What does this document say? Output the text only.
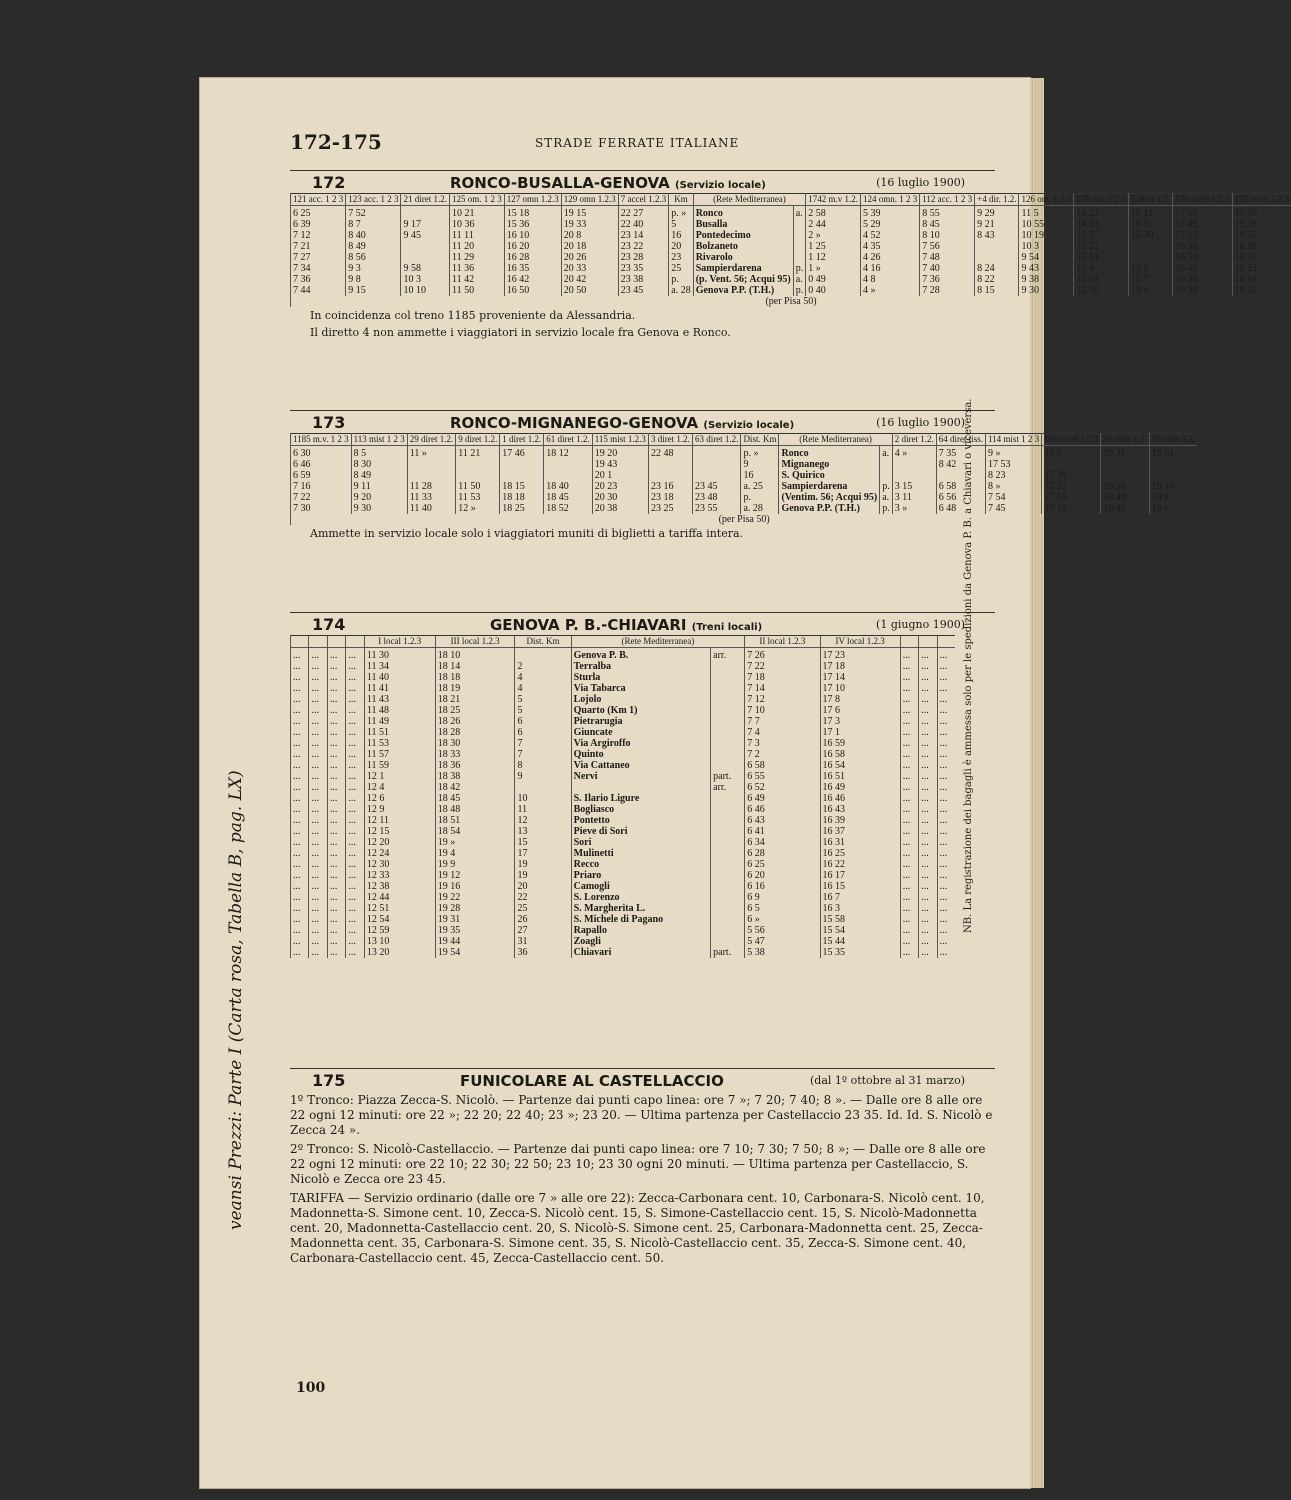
veansi Prezzi: Parte I (Carta rosa, Tabella B, pag. LX)
172-175	STRADE FERRATE ITALIANE
172	RONCO-BUSALLA-GENOVA (Servizio locale)	(16 luglio 1900)
121 acc. 1 2 3	123 acc. 1 2 3	21 diret 1.2.	125 om. 1 2 3	127 omn 1.2.3	129 omn 1.2.3	7 accel 1.2.3	Km	(Rete Mediterranea)		1742 m.v 1.2.	124 omn. 1 2 3	112 acc. 1 2 3	+4 dir. 1.2.	126 om. 1 2 3	128 om. 1 2 3	6 diret 1.2.	130 accel 1.2.3	132 accel 1.2.3
6 25	7 52		10 21	15 18	19 15	22 27	p. »	Ronco	a.	2 58	5 39	8 55	9 29	11 5	14 22	16 11	17 59	19 38
6 39	8 7	9 17	10 36	15 36	19 33	22 40	5	Busalla		2 44	5 29	8 45	9 21	10 55	14 13	16 3	17 49	19 28
7 12	8 40	9 45	11 11	16 10	20 8	23 14	16	Pontedecimo		2 »	4 52	8 10	8 43	10 19	13 37	15 30	17 13	18 52
7 21	8 49		11 20	16 20	20 18	23 22	20	Bolzaneto		1 25	4 35	7 56		10 3	13 22		16 58	18 38
7 27	8 56		11 29	16 28	20 26	23 28	23	Rivarolo		1 12	4 26	7 48		9 54	13 14		16 50	18 31
7 34	9 3	9 58	11 36	16 35	20 33	23 35	25	Sampierdarena	p.	1 »	4 16	7 40	8 24	9 43	13 4	15 9	16 40	18 23
7 36	9 8	10 3	11 42	16 42	20 42	23 38	p.	(p. Vent. 56; Acqui 95)	a.	0 49	4 8	7 36	8 22	9 38	12 58	15 7	16 38	18 18
7 44	9 15	10 10	11 50	16 50	20 50	23 45	a. 28	Genova P.P. (T.H.)	p.	0 40	4 »	7 28	8 15	9 30	12 50	15 »	16 30	18 10
(per Pisa 50)																		
In coincidenza col treno 1185 proveniente da Alessandria.
Il diretto 4 non ammette i viaggiatori in servizio locale fra Genova e Ronco.
173	RONCO-MIGNANEGO-GENOVA (Servizio locale)	(16 luglio 1900)
1185 m.v. 1 2 3	113 mist 1 2 3	29 diret 1.2.	9 diret 1.2.	1 diret 1.2.	61 diret 1.2.	115 mist 1.2.3	3 diret 1.2.	63 diret 1.2.	Dist. Km	(Rete Mediterranea)		2 diret 1.2.	64 diret tiss.	114 mist 1 2 3	116 accel 1.2.3	30 diret 1.2.	10 diret 1.2.
6 30	8 5	11 »	11 21	17 46	18 12	19 20	22 48		p. »	Ronco	a.	4 »	7 35	9 »	18 8	19 31	19 51
6 46	8 30					19 43			9	Mignanego			8 42	17 53			
6 59	8 49					20 1			16	S. Quirico				8 23	17 39		
7 16	9 11	11 28	11 50	18 15	18 40	20 23	23 16	23 45	a. 25	Sampierdarena	p.	3 15	6 58	8 »	17 21	18 50	19 10
7 22	9 20	11 33	11 53	18 18	18 45	20 30	23 18	23 48	p.	(Ventim. 56; Acqui 95)	a.	3 11	6 56	7 54	17 18	18 48	19 8
7 30	9 30	11 40	12 »	18 25	18 52	20 38	23 25	23 55	a. 28	Genova P.P. (T.H.)	p.	3 »	6 48	7 45	17 10	18 40	19 »
(per Pisa 50)																	
Ammette in servizio locale solo i viaggiatori muniti di biglietti a tariffa intera.
174	GENOVA P. B.-CHIAVARI (Treni locali)	(1 giugno 1900)
				I local 1.2.3	III local 1.2.3	Dist. Km	(Rete Mediterranea)		II local 1.2.3	IV local 1.2.3			
...	...	...	...	11 30	18 10		Genova P. B.	arr.	7 26	17 23	...	...	...
...	...	...	...	11 34	18 14	2	Terralba		7 22	17 18	...	...	...
...	...	...	...	11 40	18 18	4	Sturla		7 18	17 14	...	...	...
...	...	...	...	11 41	18 19	4	Via Tabarca		7 14	17 10	...	...	...
...	...	...	...	11 43	18 21	5	Lojolo		7 12	17 8	...	...	...
...	...	...	...	11 48	18 25	5	Quarto (Km 1)		7 10	17 6	...	...	...
...	...	...	...	11 49	18 26	6	Pietrarugia		7 7	17 3	...	...	...
...	...	...	...	11 51	18 28	6	Giuncate		7 4	17 1	...	...	...
...	...	...	...	11 53	18 30	7	Via Argiroffo		7 3	16 59	...	...	...
...	...	...	...	11 57	18 33	7	Quinto		7 2	16 58	...	...	...
...	...	...	...	11 59	18 36	8	Via Cattaneo		6 58	16 54	...	...	...
...	...	...	...	12 1	18 38	9	Nervi	part.	6 55	16 51	...	...	...
...	...	...	...	12 4	18 42			arr.	6 52	16 49	...	...	...
...	...	...	...	12 6	18 45	10	S. Ilario Ligure		6 49	16 46	...	...	...
...	...	...	...	12 9	18 48	11	Bogliasco		6 46	16 43	...	...	...
...	...	...	...	12 11	18 51	12	Pontetto		6 43	16 39	...	...	...
...	...	...	...	12 15	18 54	13	Pieve di Sori		6 41	16 37	...	...	...
...	...	...	...	12 20	19 »	15	Sori		6 34	16 31	...	...	...
...	...	...	...	12 24	19 4	17	Mulinetti		6 28	16 25	...	...	...
...	...	...	...	12 30	19 9	19	Recco		6 25	16 22	...	...	...
...	...	...	...	12 33	19 12	19	Priaro		6 20	16 17	...	...	...
...	...	...	...	12 38	19 16	20	Camogli		6 16	16 15	...	...	...
...	...	...	...	12 44	19 22	22	S. Lorenzo		6 9	16 7	...	...	...
...	...	...	...	12 51	19 28	25	S. Margherita L.		6 5	16 3	...	...	...
...	...	...	...	12 54	19 31	26	S. Michele di Pagano		6 »	15 58	...	...	...
...	...	...	...	12 59	19 35	27	Rapallo		5 56	15 54	...	...	...
...	...	...	...	13 10	19 44	31	Zoagli		5 47	15 44	...	...	...
...	...	...	...	13 20	19 54	36	Chiavari	part.	5 38	15 35	...	...	...
NB. La registrazione dei bagagli è ammessa solo per le spedizioni da Genova P. B. a Chiavari o viceversa.
175	FUNICOLARE AL CASTELLACCIO	(dal 1º ottobre al 31 marzo)

1º Tronco: Piazza Zecca-S. Nicolò. — Partenze dai punti capo linea: ore 7 »; 7 20; 7 40; 8 ». — Dalle ore 8 alle ore 22 ogni 12 minuti: ore 22 »; 22 20; 22 40; 23 »; 23 20. — Ultima partenza per Castellaccio 23 35. Id. Id. S. Nicolò e Zecca 24 ».

2º Tronco: S. Nicolò-Castellaccio. — Partenze dai punti capo linea: ore 7 10; 7 30; 7 50; 8 »; — Dalle ore 8 alle ore 22 ogni 12 minuti: ore 22 10; 22 30; 22 50; 23 10; 23 30 ogni 20 minuti. — Ultima partenza per Castellaccio, S. Nicolò e Zecca ore 23 45.

TARIFFA — Servizio ordinario (dalle ore 7 » alle ore 22): Zecca-Carbonara cent. 10, Carbonara-S. Nicolò cent. 10, Madonnetta-S. Simone cent. 10, Zecca-S. Nicolò cent. 15, S. Simone-Castellaccio cent. 15, S. Nicolò-Madonnetta cent. 20, Madonnetta-Castellaccio cent. 20, S. Nicolò-S. Simone cent. 25, Carbonara-Madonnetta cent. 25, Zecca-Madonnetta cent. 35, Carbonara-S. Simone cent. 35, S. Nicolò-Castellaccio cent. 35, Zecca-S. Simone cent. 40, Carbonara-Castellaccio cent. 45, Zecca-Castellaccio cent. 50.

100
